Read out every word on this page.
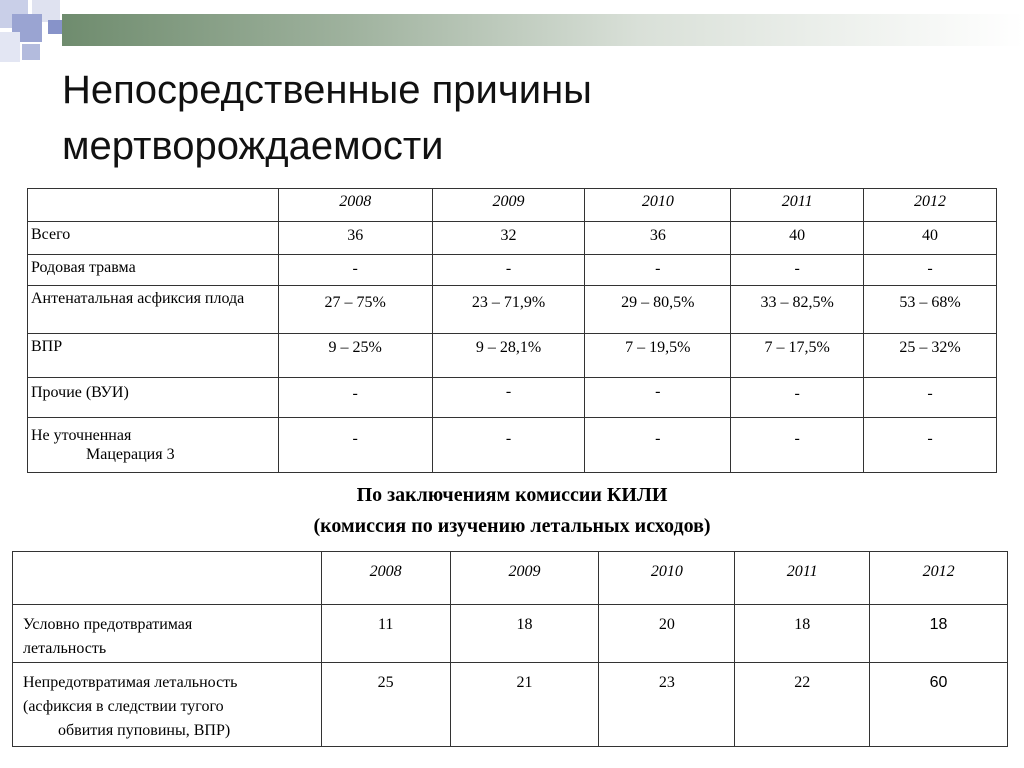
Непосредственные причины мертворождаемости
	2008	2009	2010	2011	2012
Всего	36	32	36	40	40
Родовая травма	-	-	-	-	-
Антенатальная асфиксия плода	27 – 75%	23 – 71,9%	29 – 80,5%	33 – 82,5%	53 – 68%
ВПР	9 – 25%	9 – 28,1%	7 – 19,5%	7 – 17,5%	25 – 32%
Прочие (ВУИ)	-	-	-	-	-
Не уточненная
Мацерация 3	-	-	-	-	-
По заключениям комиссии КИЛИ
(комиссия по изучению летальных исходов)
	2008	2009	2010	2011	2012

Условно предотвратимая
летальность	11	18	20	18	18

Непредотвратимая летальность
(асфиксия в следствии тугого
обвития пуповины, ВПР)	25	21	23	22	60
